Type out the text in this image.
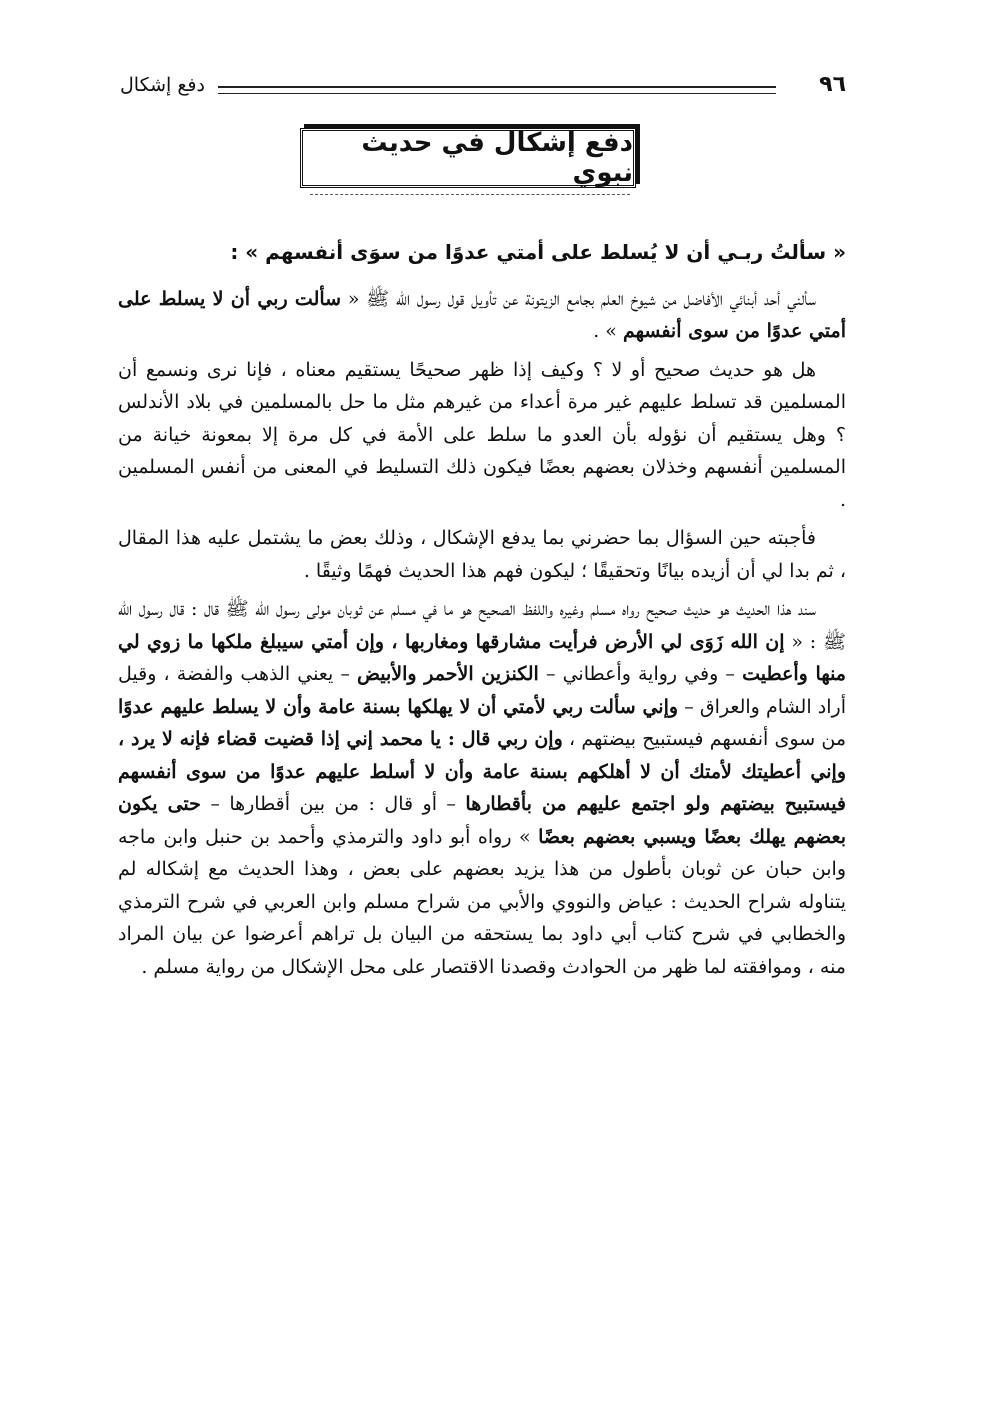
٩٦
دفع إشكال
دفع إشكال في حديث نبوي

« سألتُ ربـي أن لا يُسلط على أمتي عدوًا من سوَى أنفسهم » :

سألني أحد أبنائي الأفاضل من شيوخ العلم بجامع الزيتونة عن تأويل قول رسول الله ﷺ « سألت ربي أن لا يسلط على أمتي عدوًا من سوى أنفسهم » .

هل هو حديث صحيح أو لا ؟ وكيف إذا ظهر صحيحًا يستقيم معناه ، فإنا نرى ونسمع أن المسلمين قد تسلط عليهم غير مرة أعداء من غيرهم مثل ما حل بالمسلمين في بلاد الأندلس ؟ وهل يستقيم أن نؤوله بأن العدو ما سلط على الأمة في كل مرة إلا بمعونة خيانة من المسلمين أنفسهم وخذلان بعضهم بعضًا فيكون ذلك التسليط في المعنى من أنفس المسلمين .

فأجبته حين السؤال بما حضرني بما يدفع الإشكال ، وذلك بعض ما يشتمل عليه هذا المقال ، ثم بدا لي أن أزيده بيانًا وتحقيقًا ؛ ليكون فهم هذا الحديث فهمًا وثيقًا .

سند هذا الحديث هو حديث صحيح رواه مسلم وغيره واللفظ الصحيح هو ما في مسلم عن ثوبان مولى رسول الله ﷺ قال : قال رسول الله ﷺ : « إن الله زَوَى لي الأرض فرأيت مشارقها ومغاربها ، وإن أمتي سيبلغ ملكها ما زوي لي منها وأعطيت – وفي رواية وأعطاني – الكنزين الأحمر والأبيض – يعني الذهب والفضة ، وقيل أراد الشام والعراق – وإني سألت ربي لأمتي أن لا يهلكها بسنة عامة وأن لا يسلط عليهم عدوًا من سوى أنفسهم فيستبيح بيضتهم ، وإن ربي قال : يا محمد إني إذا قضيت قضاء فإنه لا يرد ، وإني أعطيتك لأمتك أن لا أهلكهم بسنة عامة وأن لا أسلط عليهم عدوًا من سوى أنفسهم فيستبيح بيضتهم ولو اجتمع عليهم من بأقطارها – أو قال : من بين أقطارها – حتى يكون بعضهم يهلك بعضًا ويسبي بعضهم بعضًا » رواه أبو داود والترمذي وأحمد بن حنبل وابن ماجه وابن حبان عن ثوبان بأطول من هذا يزيد بعضهم على بعض ، وهذا الحديث مع إشكاله لم يتناوله شراح الحديث : عياض والنووي والأبي من شراح مسلم وابن العربي في شرح الترمذي والخطابي في شرح كتاب أبي داود بما يستحقه من البيان بل تراهم أعرضوا عن بيان المراد منه ، وموافقته لما ظهر من الحوادث وقصدنا الاقتصار على محل الإشكال من رواية مسلم .
